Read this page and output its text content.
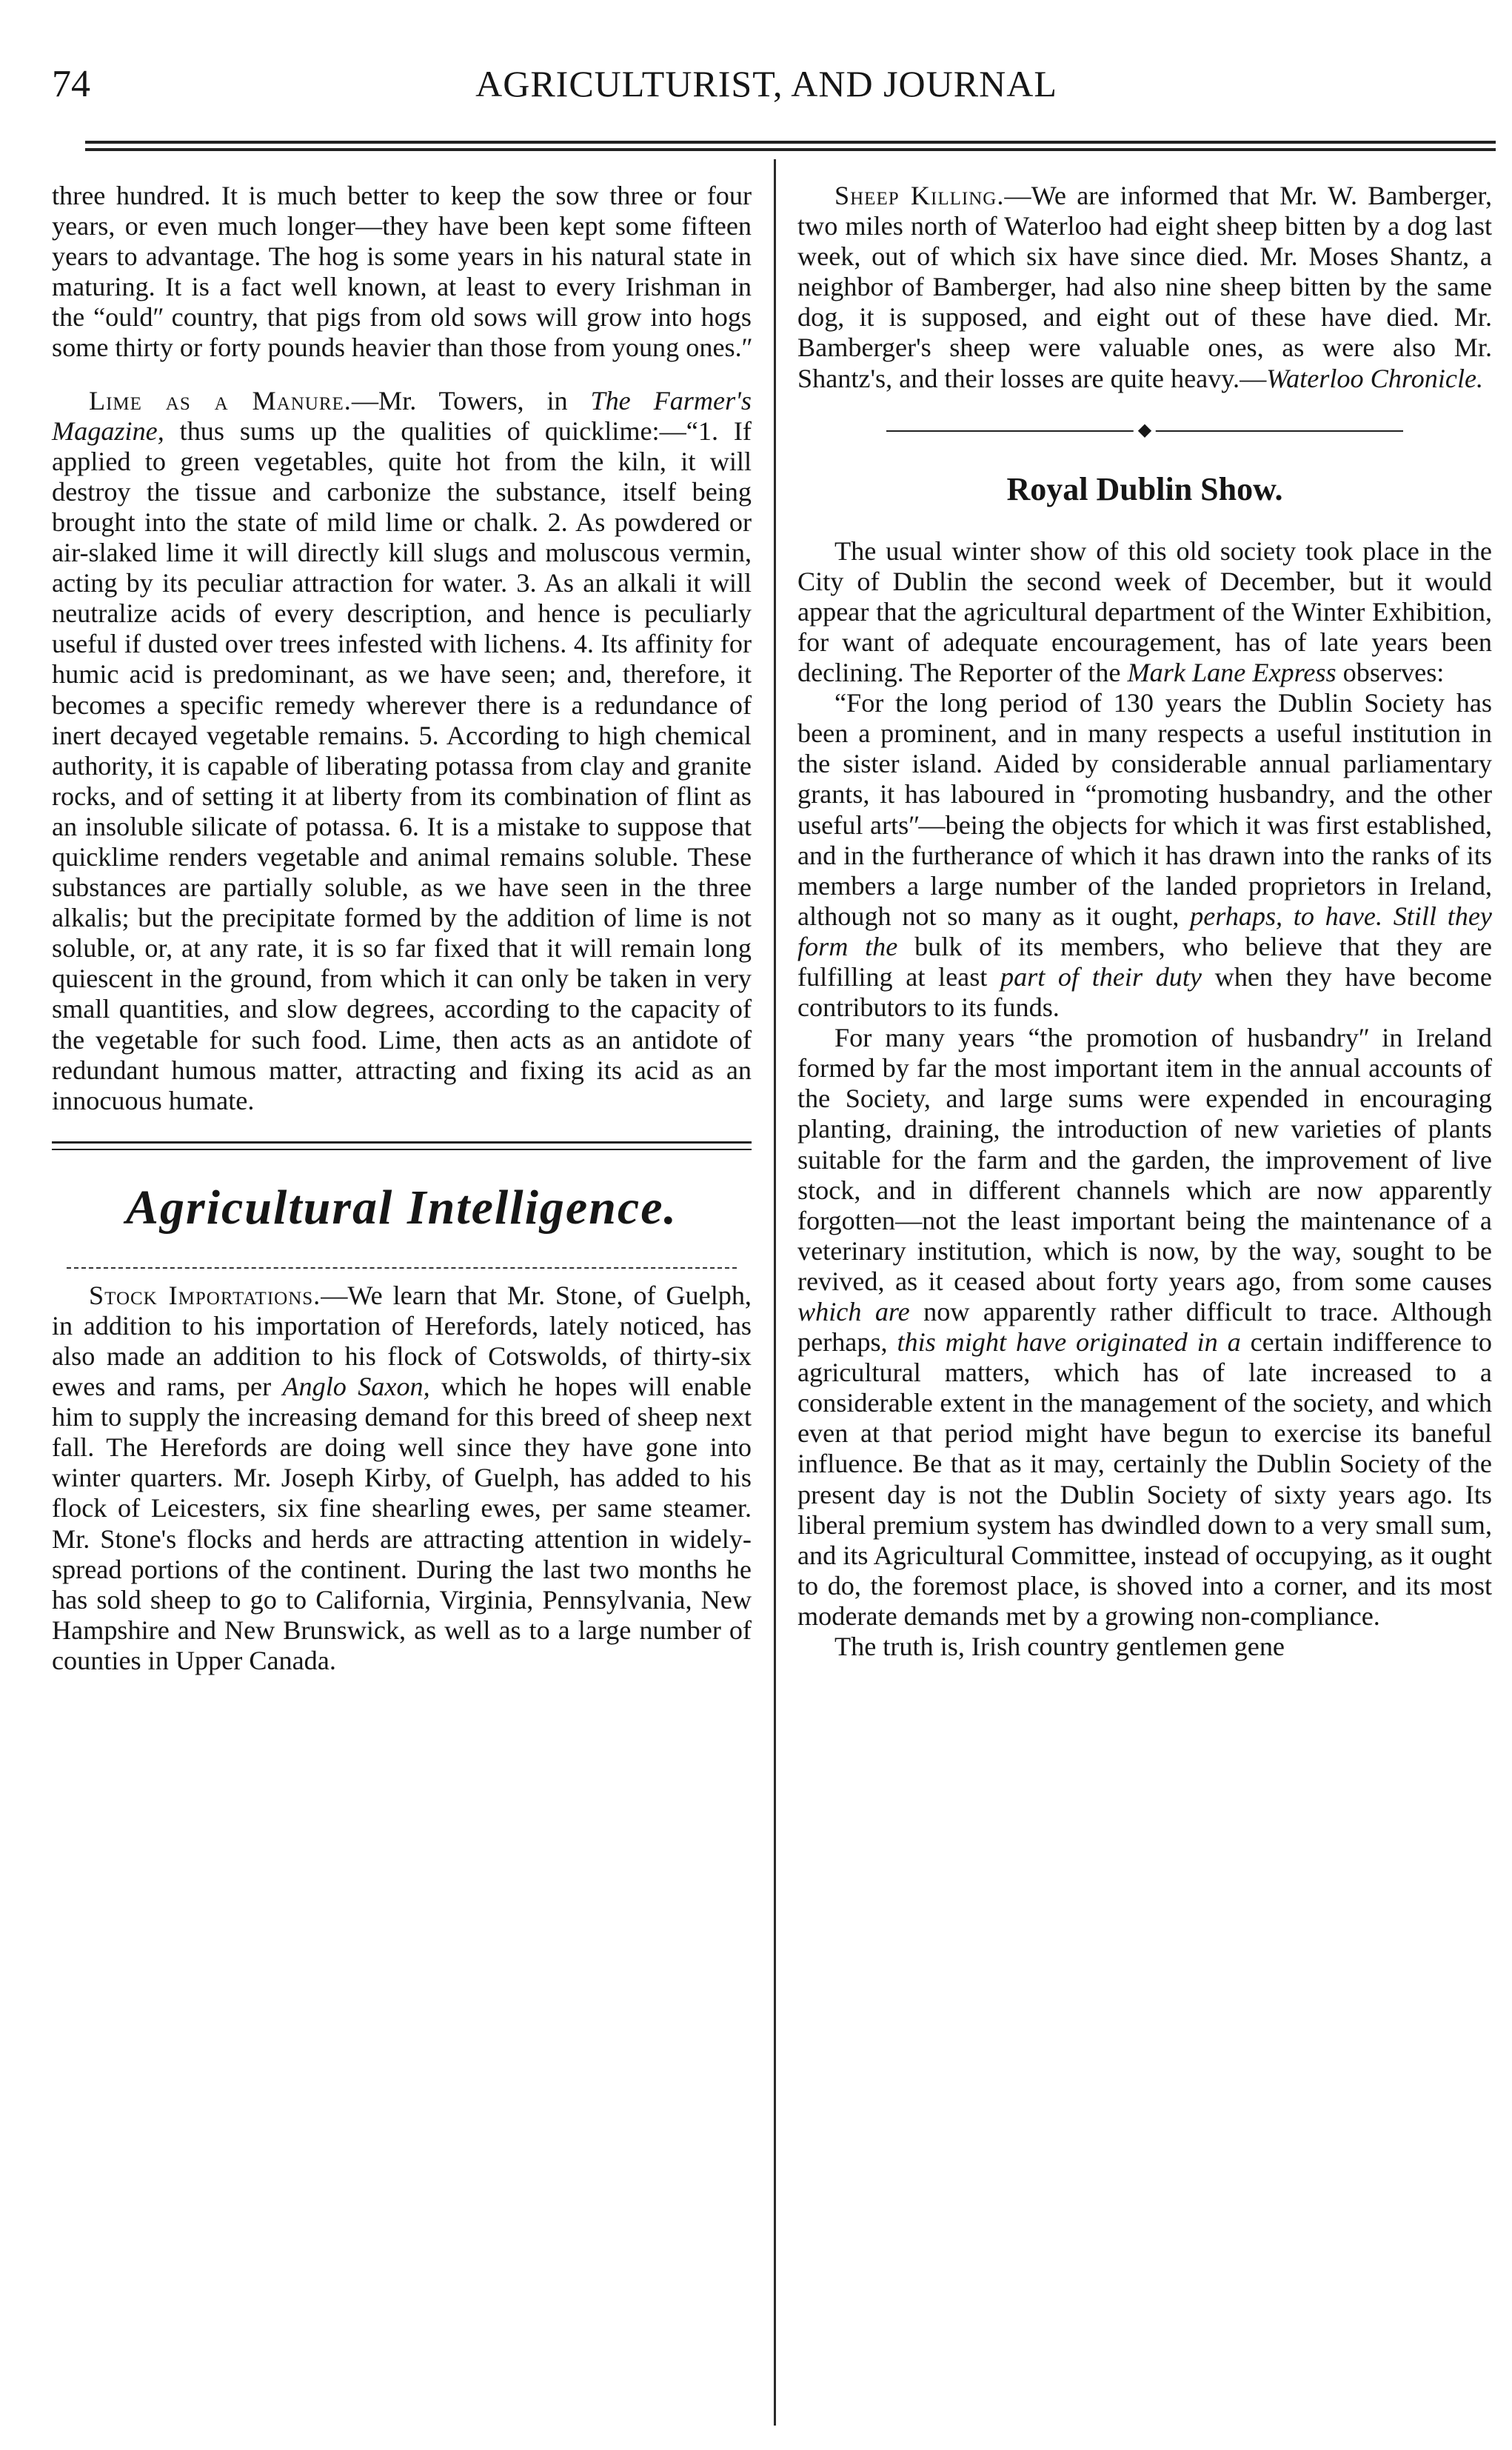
74	AGRICULTURIST, AND JOURNAL

three hundred. It is much better to keep the sow three or four years, or even much longer—they have been kept some fifteen years to advantage. The hog is some years in his natural state in maturing. It is a fact well known, at least to every Irishman in the “ouldʺ country, that pigs from old sows will grow into hogs some thirty or forty pounds heavier than those from young ones.ʺ

Lime as a Manure.—Mr. Towers, in The Farmer's Magazine, thus sums up the qualities of quicklime:—“1. If applied to green vegetables, quite hot from the kiln, it will destroy the tissue and carbonize the substance, itself being brought into the state of mild lime or chalk. 2. As powdered or air-slaked lime it will directly kill slugs and moluscous vermin, acting by its peculiar attraction for water. 3. As an alkali it will neutralize acids of every description, and hence is peculiarly useful if dusted over trees infested with lichens. 4. Its affinity for humic acid is predominant, as we have seen; and, therefore, it becomes a specific remedy wherever there is a redundance of inert decayed vegetable remains. 5. According to high chemical authority, it is capable of liberating potassa from clay and granite rocks, and of setting it at liberty from its combination of flint as an insoluble silicate of potassa. 6. It is a mistake to suppose that quicklime renders vegetable and animal remains soluble. These substances are partially soluble, as we have seen in the three alkalis; but the precipitate formed by the addition of lime is not soluble, or, at any rate, it is so far fixed that it will remain long quiescent in the ground, from which it can only be taken in very small quantities, and slow degrees, according to the capacity of the vegetable for such food. Lime, then acts as an antidote of redundant humous matter, attracting and fixing its acid as an innocuous humate.

Agricultural Intelligence.

Stock Importations.—We learn that Mr. Stone, of Guelph, in addition to his importation of Herefords, lately noticed, has also made an addition to his flock of Cotswolds, of thirty-six ewes and rams, per Anglo Saxon, which he hopes will enable him to supply the increasing demand for this breed of sheep next fall. The Herefords are doing well since they have gone into winter quarters. Mr. Joseph Kirby, of Guelph, has added to his flock of Leicesters, six fine shearling ewes, per same steamer. Mr. Stone's flocks and herds are attracting attention in widely-spread portions of the continent. During the last two months he has sold sheep to go to California, Virginia, Pennsylvania, New Hampshire and New Brunswick, as well as to a large number of counties in Upper Canada.

Sheep Killing.—We are informed that Mr. W. Bamberger, two miles north of Waterloo had eight sheep bitten by a dog last week, out of which six have since died. Mr. Moses Shantz, a neighbor of Bamberger, had also nine sheep bitten by the same dog, it is supposed, and eight out of these have died. Mr. Bamberger's sheep were valuable ones, as were also Mr. Shantz's, and their losses are quite heavy.—Waterloo Chronicle.

◆
Royal Dublin Show.

The usual winter show of this old society took place in the City of Dublin the second week of December, but it would appear that the agricultural department of the Winter Exhibition, for want of adequate encouragement, has of late years been declining. The Reporter of the Mark Lane Express observes:

“For the long period of 130 years the Dublin Society has been a prominent, and in many respects a useful institution in the sister island. Aided by considerable annual parliamentary grants, it has laboured in “promoting husbandry, and the other useful artsʺ—being the objects for which it was first established, and in the furtherance of which it has drawn into the ranks of its members a large number of the landed proprietors in Ireland, although not so many as it ought, perhaps, to have. Still they form the bulk of its members, who believe that they are fulfilling at least part of their duty when they have become contributors to its funds.

For many years “the promotion of husbandryʺ in Ireland formed by far the most important item in the annual accounts of the Society, and large sums were expended in encouraging planting, draining, the introduction of new varieties of plants suitable for the farm and the garden, the improvement of live stock, and in different channels which are now apparently forgotten—not the least important being the maintenance of a veterinary institution, which is now, by the way, sought to be revived, as it ceased about forty years ago, from some causes which are now apparently rather difficult to trace. Although perhaps, this might have originated in a certain indifference to agricultural matters, which has of late increased to a considerable extent in the management of the society, and which even at that period might have begun to exercise its baneful influence. Be that as it may, certainly the Dublin Society of the present day is not the Dublin Society of sixty years ago. Its liberal premium system has dwindled down to a very small sum, and its Agricultural Committee, instead of occupying, as it ought to do, the foremost place, is shoved into a corner, and its most moderate demands met by a growing non-compliance.

The truth is, Irish country gentlemen gene
